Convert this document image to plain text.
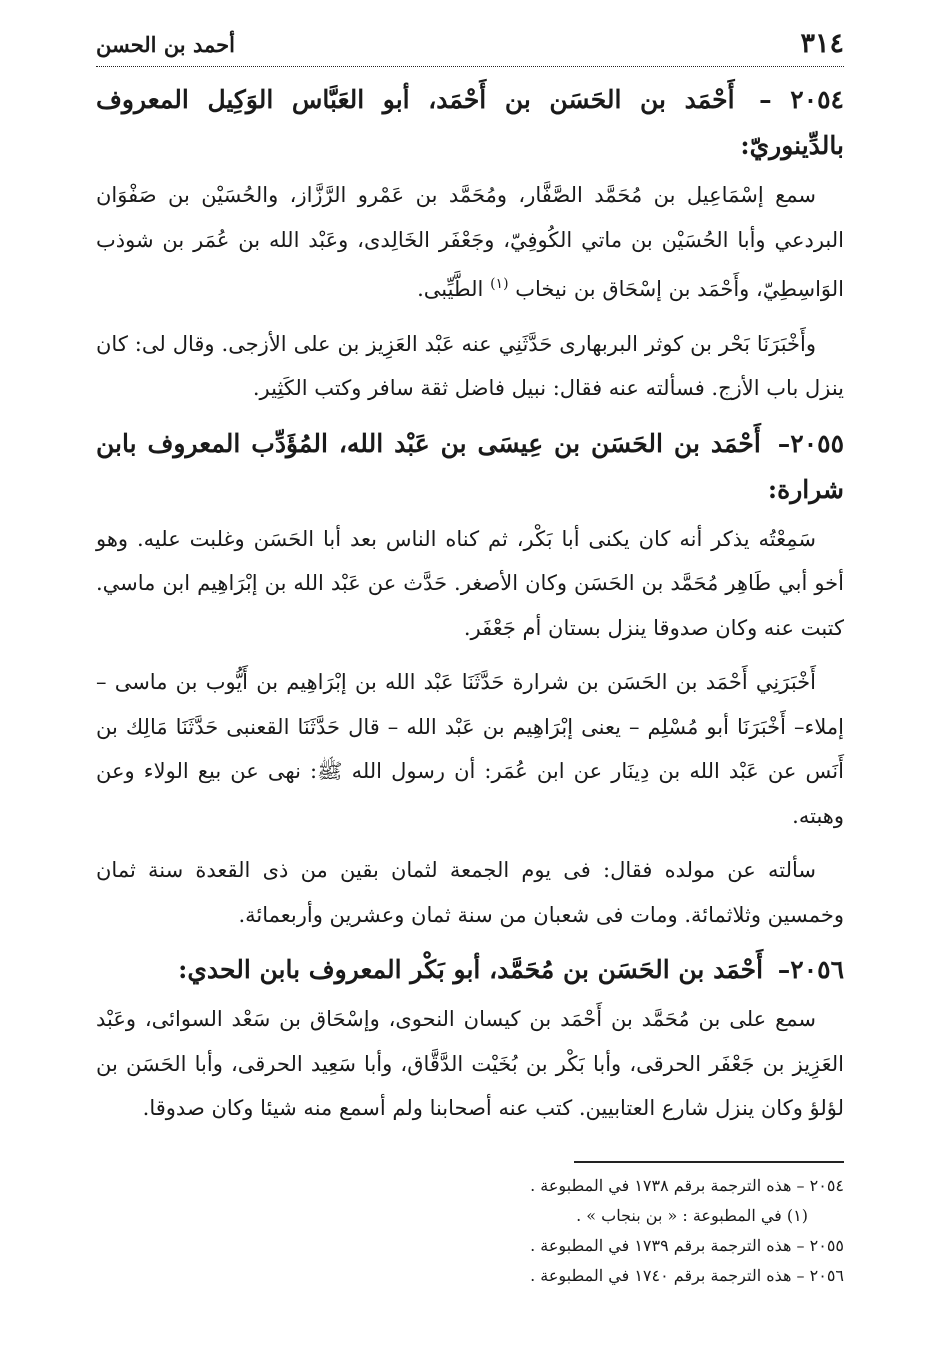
٣١٤
أحمد بن الحسن
٢٠٥٤ – أَحْمَد بن الحَسَن بن أَحْمَد، أبو العَبَّاس الوَكِيل المعروف بالدِّينوريّ:

سمع إسْمَاعِيل بن مُحَمَّد الصَّفَّار، ومُحَمَّد بن عَمْرو الرَّزَّاز، والحُسَيْن بن صَفْوَان البردعي وأبا الحُسَيْن بن ماتي الكُوفِيّ، وجَعْفَر الخَالِدى، وعَبْد الله بن عُمَر بن شوذب الوَاسِطِيّ، وأَحْمَد بن إسْحَاق بن نيخاب $^{(١)}$ الطَّيِّبى.

وأَخْبَرَنَا بَحْر بن كوثر البربهارى حَدَّثَنِي عنه عَبْد العَزِيز بن على الأزجى. وقال لى: كان ينزل باب الأزج. فسألته عنه فقال: نبيل فاضل ثقة سافر وكتب الكَثِير.

٢٠٥٥– أَحْمَد بن الحَسَن بن عِيسَى بن عَبْد الله، المُؤَدِّب المعروف بابن شرارة:

سَمِعْتُه يذكر أنه كان يكنى أبا بَكْر، ثم كناه الناس بعد أبا الحَسَن وغلبت عليه. وهو أخو أبي طَاهِر مُحَمَّد بن الحَسَن وكان الأصغر. حَدَّث عن عَبْد الله بن إبْرَاهِيم ابن ماسي. كتبت عنه وكان صدوقا ينزل بستان أم جَعْفَر.

أَخْبَرَنِي أَحْمَد بن الحَسَن بن شرارة حَدَّثَنَا عَبْد الله بن إبْرَاهِيم بن أَيُّوب بن ماسى – إملاء– أَخْبَرَنَا أبو مُسْلِم – يعنى إبْرَاهِيم بن عَبْد الله – قال حَدَّثَنَا القعنبى حَدَّثَنَا مَالِك بن أَنَس عن عَبْد الله بن دِينَار عن ابن عُمَر: أن رسول الله ﷺ: نهى عن بيع الولاء وعن وهبته.

سألته عن مولده فقال: فى يوم الجمعة لثمان بقين من ذى القعدة سنة ثمان وخمسين وثلاثمائة. ومات فى شعبان من سنة ثمان وعشرين وأربعمائة.

٢٠٥٦– أَحْمَد بن الحَسَن بن مُحَمَّد، أبو بَكْر المعروف بابن الحدي:

سمع على بن مُحَمَّد بن أَحْمَد بن كيسان النحوى، وإسْحَاق بن سَعْد السوائى، وعَبْد العَزِيز بن جَعْفَر الحرقى، وأبا بَكْر بن بُخَيْت الدَّقَّاق، وأبا سَعِيد الحرقى، وأبا الحَسَن بن لؤلؤ وكان ينزل شارع العتابيين. كتب عنه أصحابنا ولم أسمع منه شيئا وكان صدوقا.

٢٠٥٤ – هذه الترجمة برقم ١٧٣٨ في المطبوعة .

(١) في المطبوعة : « بن بنجاب » .

٢٠٥٥ – هذه الترجمة برقم ١٧٣٩ في المطبوعة .

٢٠٥٦ – هذه الترجمة برقم ١٧٤٠ في المطبوعة .
